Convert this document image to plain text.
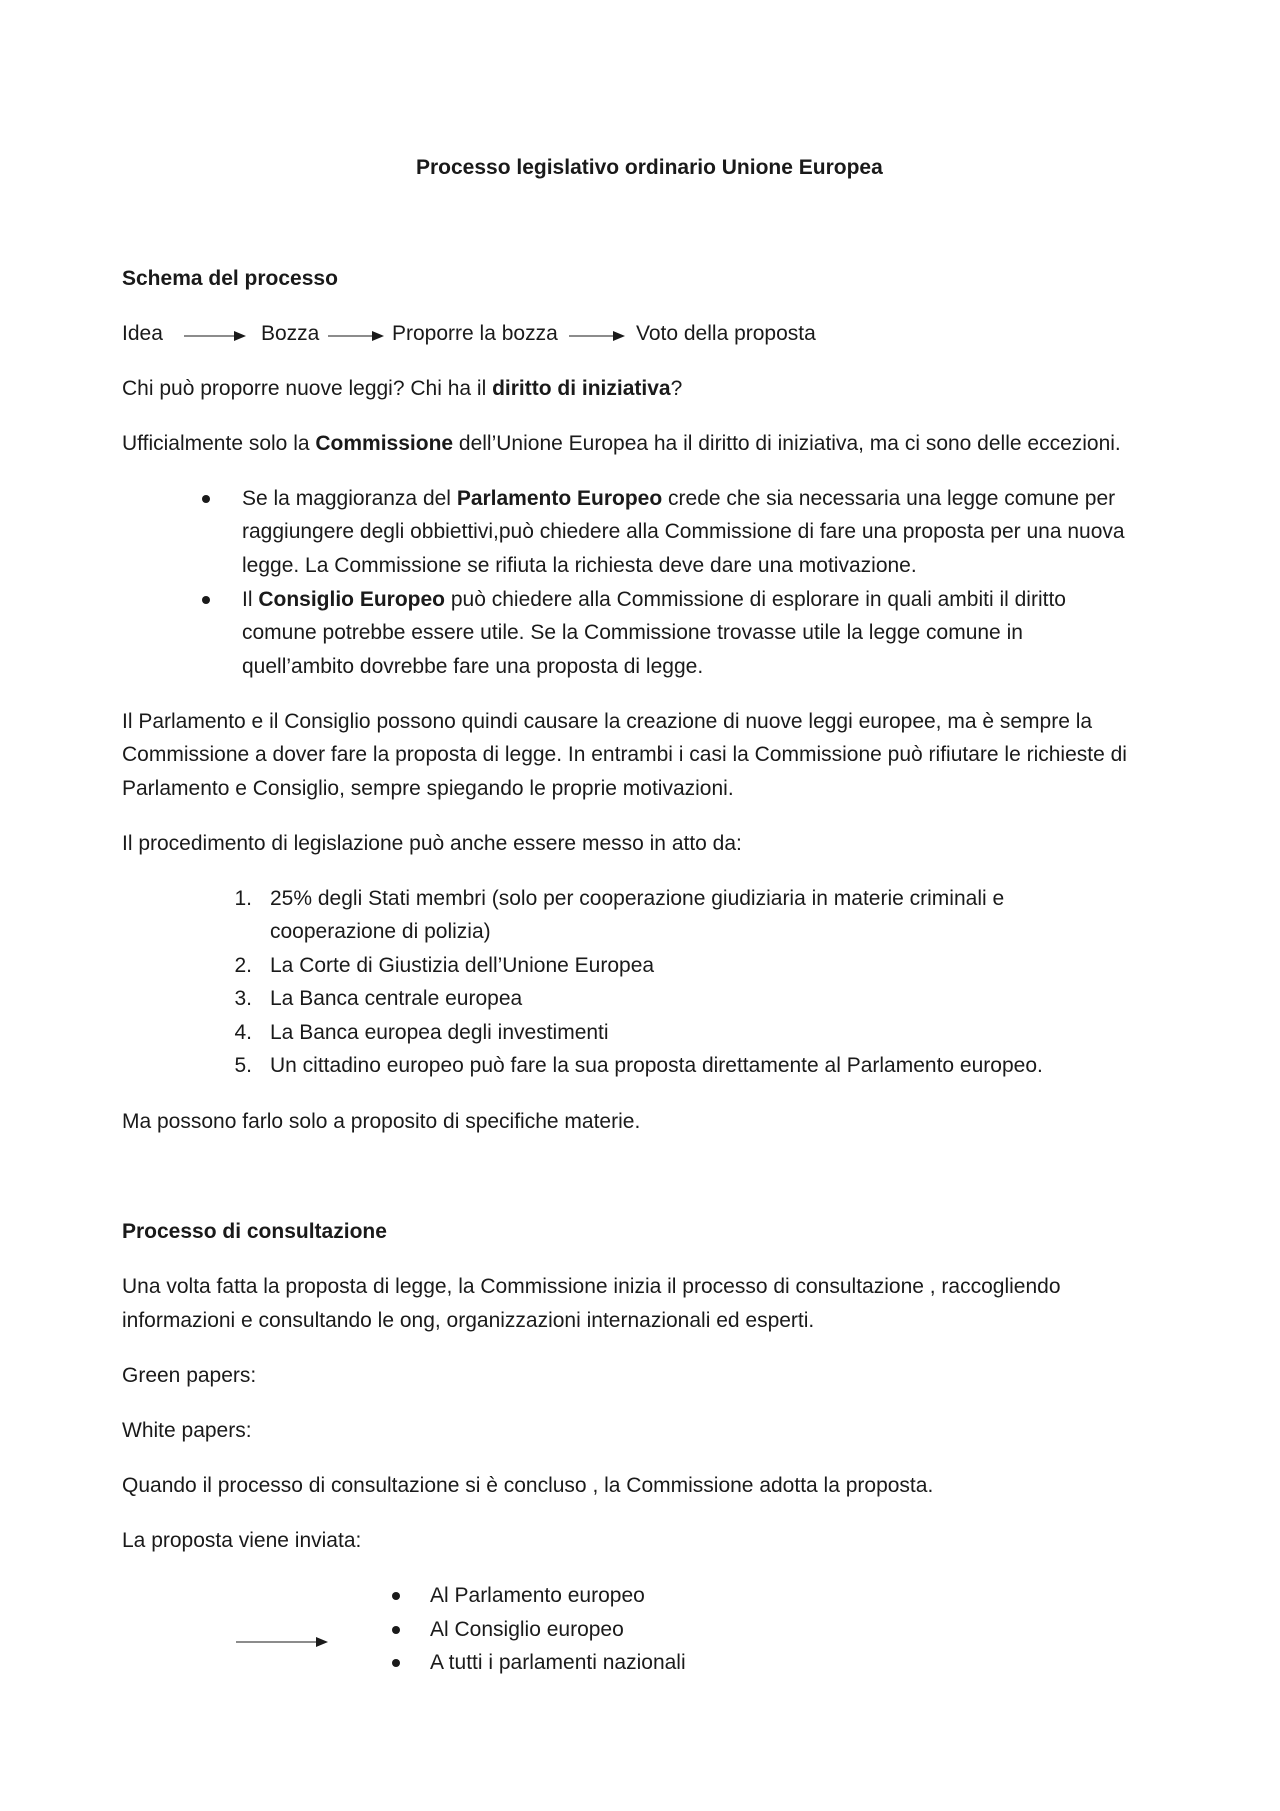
Processo legislativo ordinario Unione Europea
Schema del processo
Idea	Bozza	Proporre la bozza	Voto della proposta
Chi può proporre nuove leggi? Chi ha il diritto di iniziativa?
Ufficialmente solo la Commissione dell’Unione Europea ha il diritto di iniziativa, ma ci sono delle eccezioni.
Se la maggioranza del Parlamento Europeo crede che sia necessaria una legge comune per
raggiungere degli obbiettivi,può chiedere alla Commissione di fare una proposta per una nuova
legge. La Commissione se rifiuta la richiesta deve dare una motivazione.
Il Consiglio Europeo può chiedere alla Commissione di esplorare in quali ambiti il diritto
comune potrebbe essere utile. Se la Commissione trovasse utile la legge comune in
quell’ambito dovrebbe fare una proposta di legge.
Il Parlamento e il Consiglio possono quindi causare la creazione di nuove leggi europee, ma è sempre la
Commissione a dover fare la proposta di legge. In entrambi i casi la Commissione può rifiutare le richieste di
Parlamento e Consiglio, sempre spiegando le proprie motivazioni.
Il procedimento di legislazione può anche essere messo in atto da:
1. 25% degli Stati membri (solo per cooperazione giudiziaria in materie criminali e
cooperazione di polizia)
2. La Corte di Giustizia dell’Unione Europea
3. La Banca centrale europea
4. La Banca europea degli investimenti
5. Un cittadino europeo può fare la sua proposta direttamente al Parlamento europeo.
Ma possono farlo solo a proposito di specifiche materie.
Processo di consultazione
Una volta fatta la proposta di legge, la Commissione inizia il processo di consultazione , raccogliendo
informazioni e consultando le ong, organizzazioni internazionali ed esperti.
Green papers:
White papers:
Quando il processo di consultazione si è concluso , la Commissione adotta la proposta.
La proposta viene inviata:
Al Parlamento europeo
Al Consiglio europeo
A tutti i parlamenti nazionali
